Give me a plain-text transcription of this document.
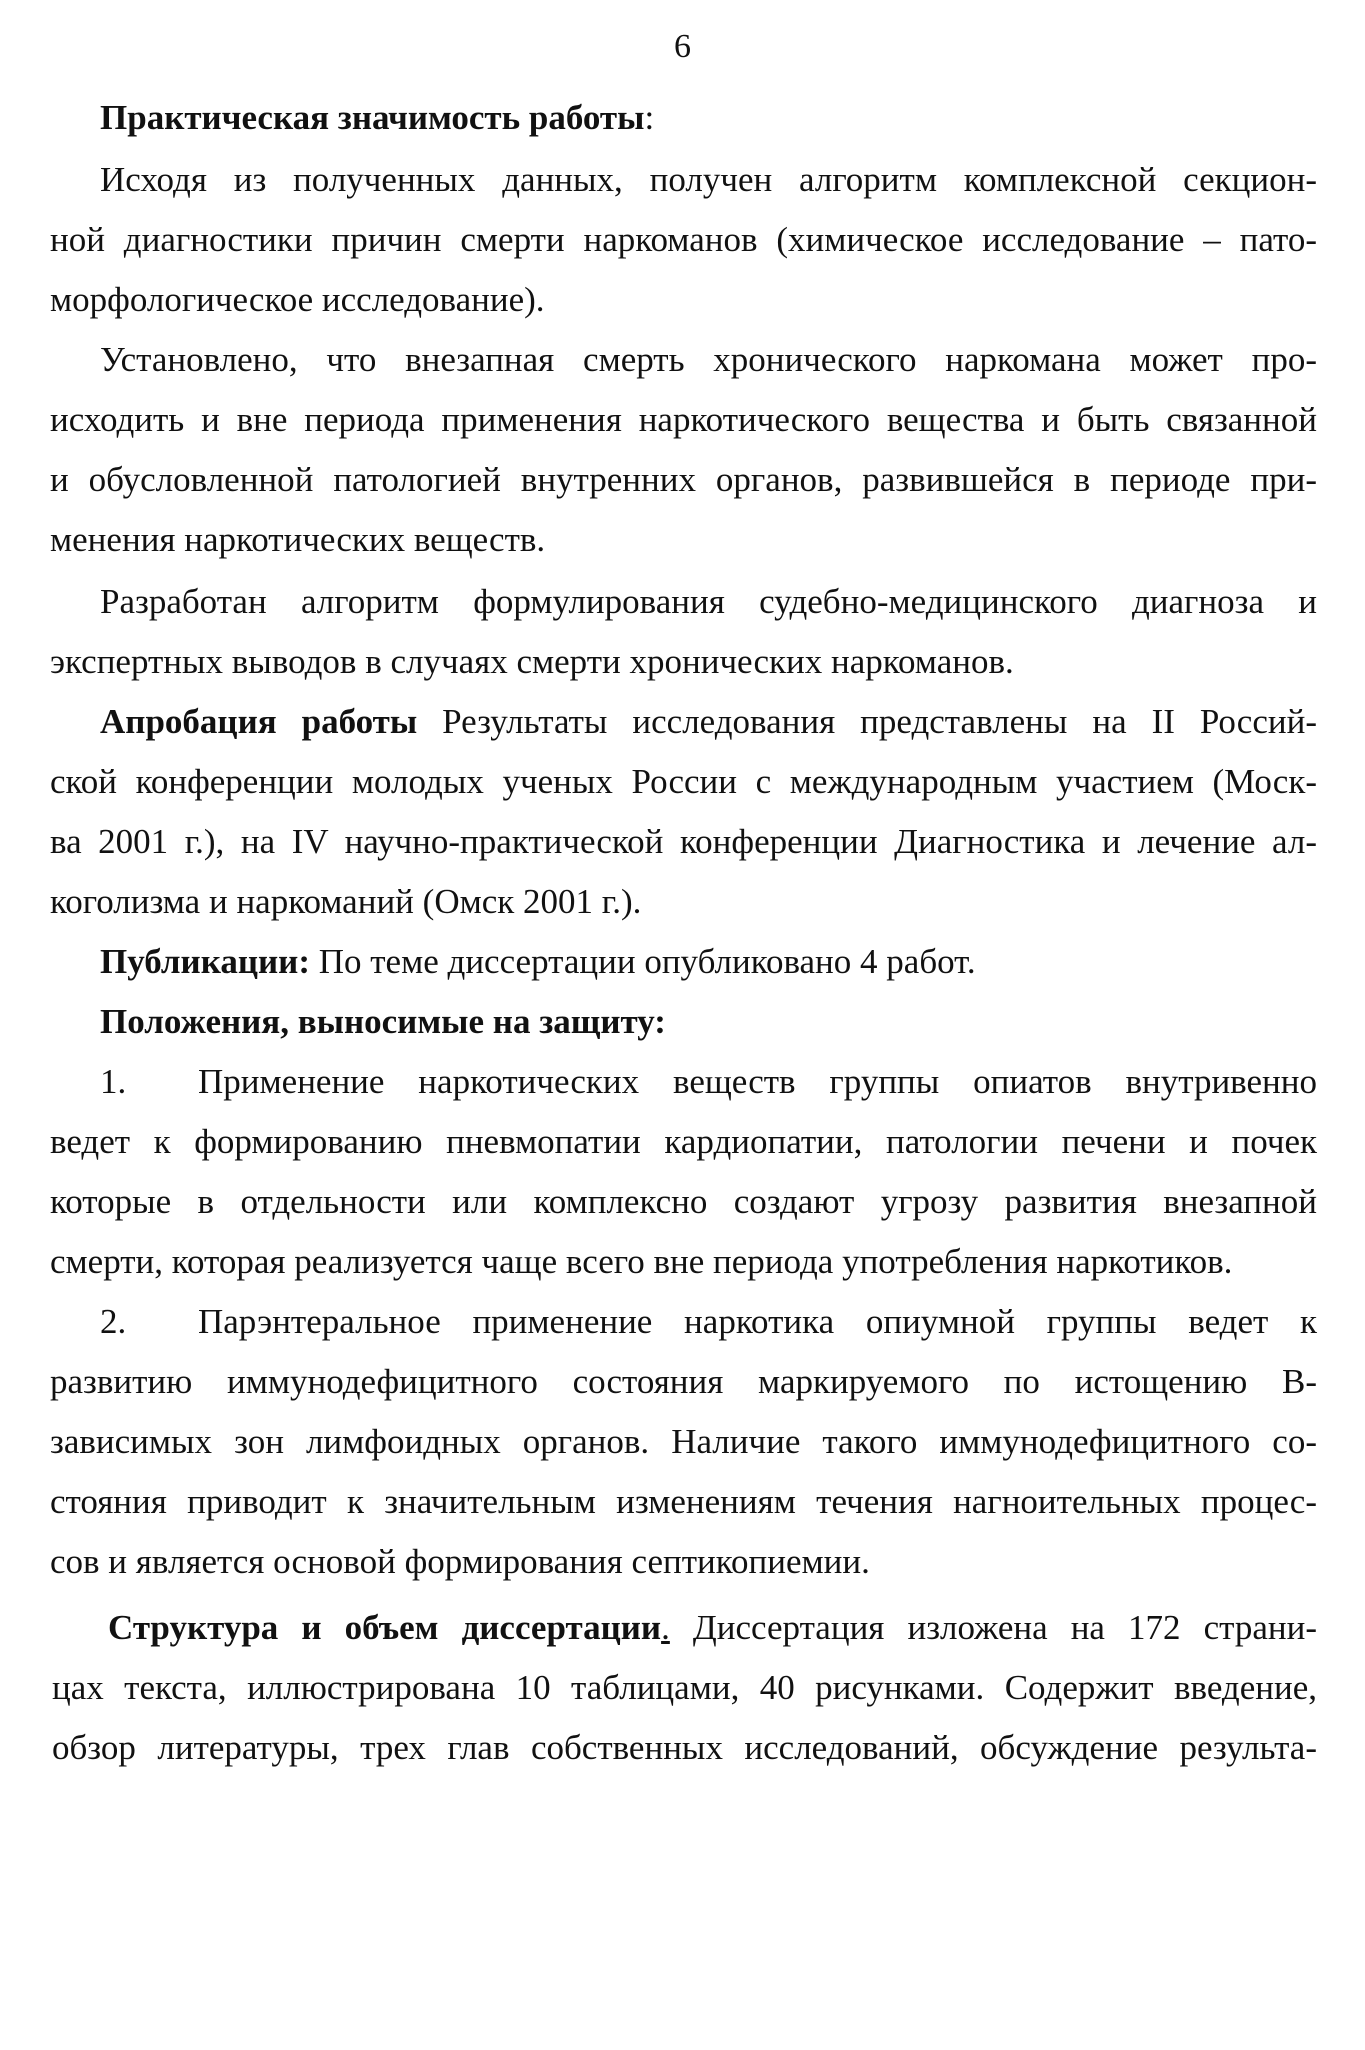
6
Практическая значимость работы:
Исходя из полученных данных, получен алгоритм комплексной секцион-
ной диагностики причин смерти наркоманов (химическое исследование – пато-
морфологическое исследование).
Установлено, что внезапная смерть хронического наркомана может про-
исходить и вне периода применения наркотического вещества и быть связанной
и обусловленной патологией внутренних органов, развившейся в периоде при-
менения наркотических веществ.
Разработан алгоритм формулирования судебно-медицинского диагноза и
экспертных выводов в случаях смерти хронических наркоманов.
Апробация работы Результаты исследования представлены на II Россий-
ской конференции молодых ученых России с международным участием (Моск-
ва 2001 г.), на IV научно-практической конференции Диагностика и лечение ал-
коголизма и наркоманий (Омск 2001 г.).
Публикации: По теме диссертации опубликовано 4 работ.
Положения, выносимые на защиту:
1. Применение наркотических веществ группы опиатов внутривенно
ведет к формированию пневмопатии кардиопатии, патологии печени и почек
которые в отдельности или комплексно создают угрозу развития внезапной
смерти, которая реализуется чаще всего вне периода употребления наркотиков.
2. Парэнтеральное применение наркотика опиумной группы ведет к
развитию иммунодефицитного состояния маркируемого по истощению В-
зависимых зон лимфоидных органов. Наличие такого иммунодефицитного со-
стояния приводит к значительным изменениям течения нагноительных процес-
сов и является основой формирования септикопиемии.
Структура и объем диссертации. Диссертация изложена на 172 страни-
цах текста, иллюстрирована 10 таблицами, 40 рисунками. Содержит введение,
обзор литературы, трех глав собственных исследований, обсуждение результа-
